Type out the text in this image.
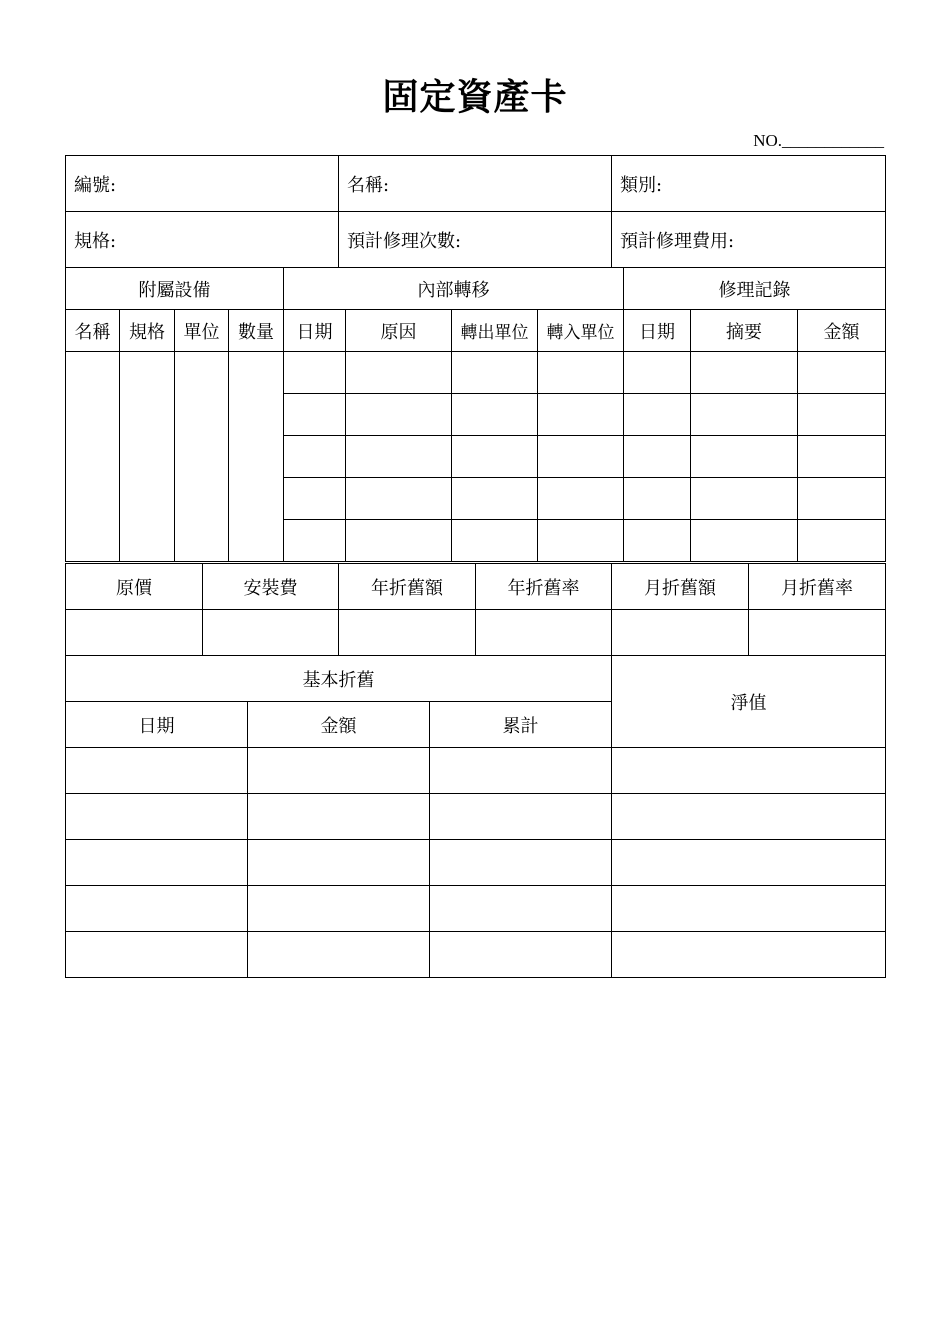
固定資產卡
NO.____________
編號:	名稱:	類別:
規格:	預計修理次數:	預計修理費用:
附屬設備				內部轉移				修理記錄		
名稱	規格	單位	數量	日期	原因	轉出單位	轉入單位	日期	摘要	金額

原價	安裝費	年折舊額	年折舊率	月折舊額	月折舊率

基本折舊			淨值
日期	金額	累計	
